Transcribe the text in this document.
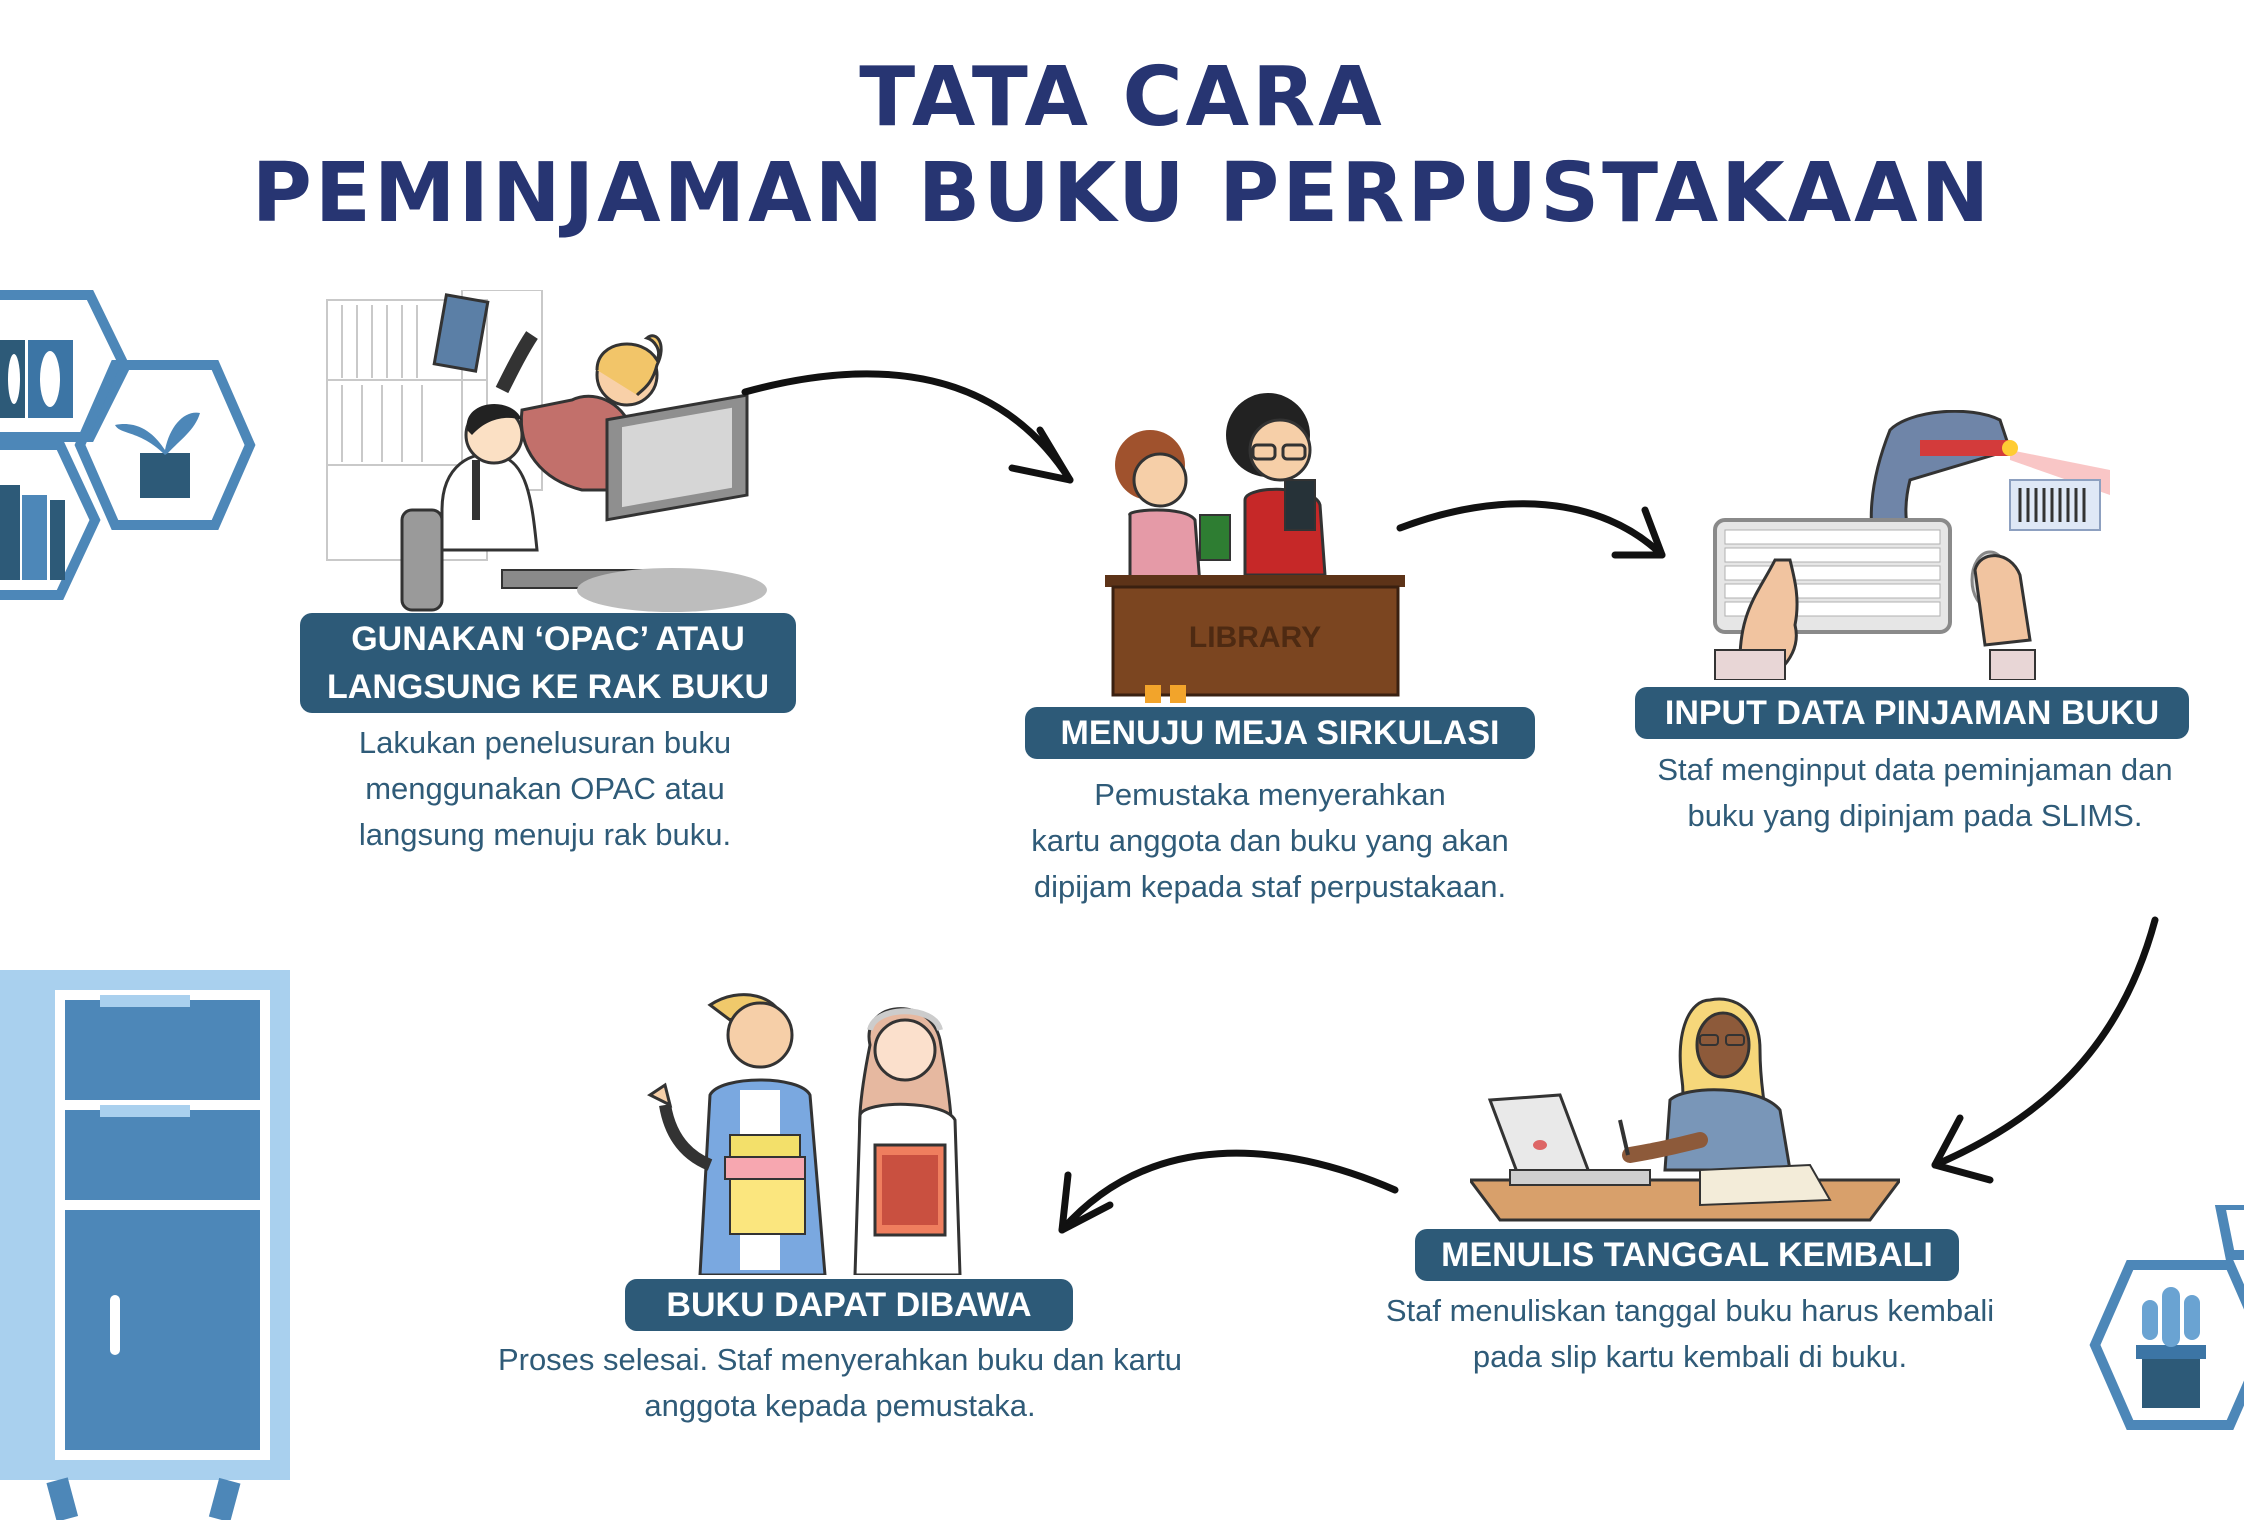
TATA CARA
PEMINJAMAN BUKU PERPUSTAKAAN
LIBRARY
GUNAKAN ‘OPAC’ ATAU
LANGSUNG KE RAK BUKU
MENUJU MEJA SIRKULASI
INPUT DATA PINJAMAN BUKU
MENULIS TANGGAL KEMBALI
BUKU DAPAT DIBAWA
Lakukan penelusuran buku
menggunakan OPAC atau
langsung menuju rak buku.
Pemustaka menyerahkan
kartu anggota dan buku yang akan
dipijam kepada staf perpustakaan.
Staf menginput data peminjaman dan
buku yang dipinjam pada SLIMS.
Staf menuliskan tanggal buku harus kembali
pada slip kartu kembali di buku.
Proses selesai. Staf menyerahkan buku dan kartu
anggota kepada pemustaka.
